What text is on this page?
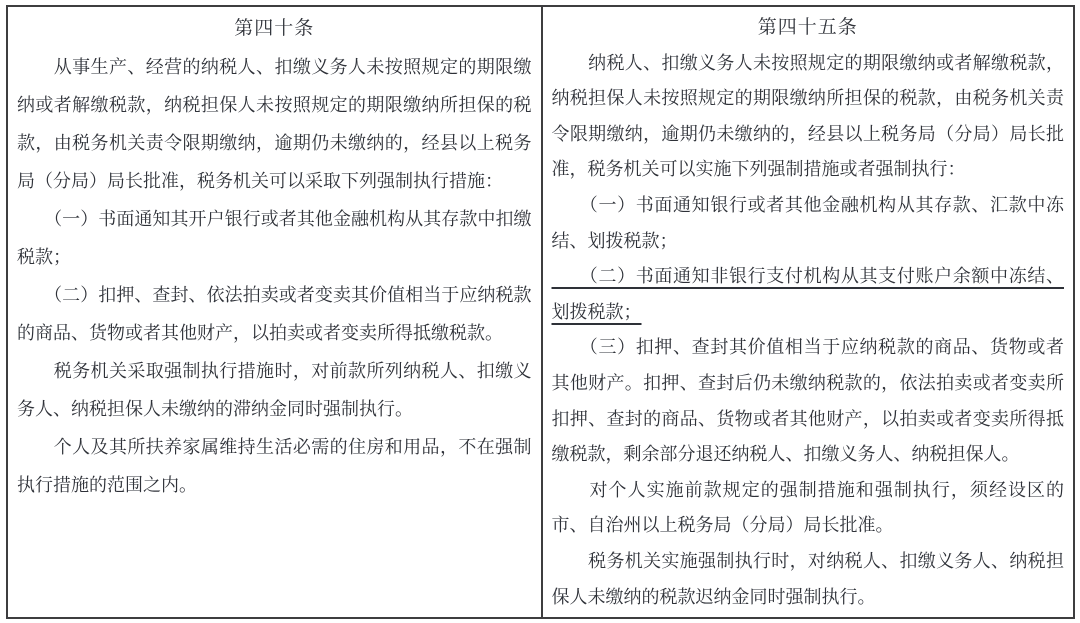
第四十条

　　从事生产、经营的纳税人、扣缴义务人未按照规定的期限缴纳或者解缴税款，纳税担保人未按照规定的期限缴纳所担保的税款，由税务机关责令限期缴纳，逾期仍未缴纳的，经县以上税务局（分局）局长批准，税务机关可以采取下列强制执行措施：

　　（一）书面通知其开户银行或者其他金融机构从其存款中扣缴税款；

　　（二）扣押、查封、依法拍卖或者变卖其价值相当于应纳税款的商品、货物或者其他财产，以拍卖或者变卖所得抵缴税款。

　　税务机关采取强制执行措施时，对前款所列纳税人、扣缴义务人、纳税担保人未缴纳的滞纳金同时强制执行。

　　个人及其所扶养家属维持生活必需的住房和用品，不在强制执行措施的范围之内。

第四十五条

　　纳税人、扣缴义务人未按照规定的期限缴纳或者解缴税款，纳税担保人未按照规定的期限缴纳所担保的税款，由税务机关责令限期缴纳，逾期仍未缴纳的，经县以上税务局（分局）局长批准，税务机关可以实施下列强制措施或者强制执行：

　　（一）书面通知银行或者其他金融机构从其存款、汇款中冻结、划拨税款；

　　（二）书面通知非银行支付机构从其支付账户余额中冻结、划拨税款；

　　（三）扣押、查封其价值相当于应纳税款的商品、货物或者其他财产。扣押、查封后仍未缴纳税款的，依法拍卖或者变卖所扣押、查封的商品、货物或者其他财产，以拍卖或者变卖所得抵缴税款，剩余部分退还纳税人、扣缴义务人、纳税担保人。

　　对个人实施前款规定的强制措施和强制执行，须经设区的市、自治州以上税务局（分局）局长批准。

　　税务机关实施强制执行时，对纳税人、扣缴义务人、纳税担保人未缴纳的税款迟纳金同时强制执行。
